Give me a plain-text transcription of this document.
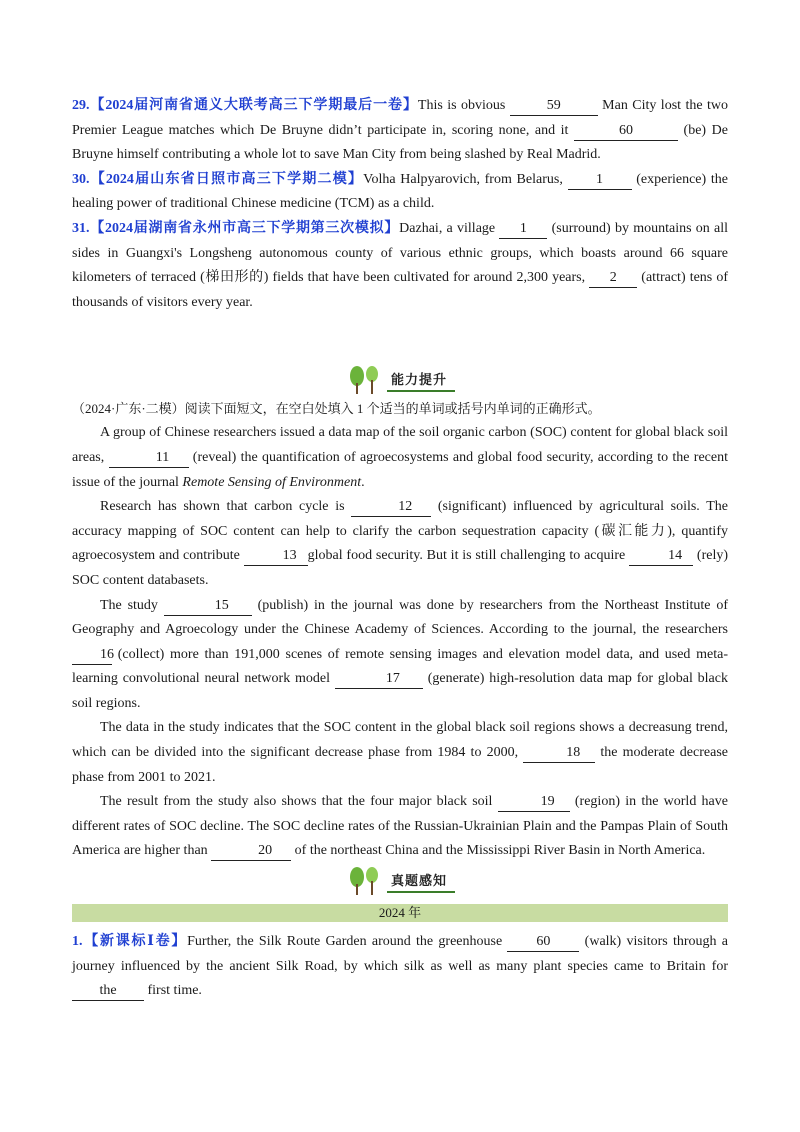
29.【2024届河南省通义大联考高三下学期最后一卷】This is obvious	59	Man City lost the two Premier League matches which De Bruyne didn’t participate in, scoring none, and it	60	(be) De Bruyne himself contributing a whole lot to save Man City from being slashed by Real Madrid.

30.【2024届山东省日照市高三下学期二模】Volha Halpyarovich, from Belarus, 1 (experience) the healing power of traditional Chinese medicine (TCM) as a child.

31.【2024届湖南省永州市高三下学期第三次模拟】Dazhai, a village 1 (surround) by mountains on all sides in Guangxi's Longsheng autonomous county of various ethnic groups, which boasts around 66 square kilometers of terraced (梯田形的) fields that have been cultivated for around 2,300 years, 2 (attract) tens of thousands of visitors every year.

能力提升

（2024·广东·二模）阅读下面短文，在空白处填入 1 个适当的单词或括号内单词的正确形式。

A group of Chinese researchers issued a data map of the soil organic carbon (SOC) content for global black soil areas,	11 (reveal) the quantification of agroecosystems and global food security, according to the recent issue of the journal Remote Sensing of Environment.

Research has shown that carbon cycle is	12 (significant) influenced by agricultural soils. The accuracy mapping of SOC content can help to clarify the carbon sequestration capacity (碳汇能力), quantify agroecosystem and contribute	13 global food security. But it is still challenging to acquire	14 (rely) SOC content databasets.

The study	15 (publish) in the journal was done by researchers from the Northeast Institute of Geography and Agroecology under the Chinese Academy of Sciences. According to the journal, the researchers 16 (collect) more than 191,000 scenes of remote sensing images and elevation model data, and used meta-learning convolutional neural network model	17 (generate) high-resolution data map for global black soil regions.

The data in the study indicates that the SOC content in the global black soil regions shows a decreasung trend, which can be divided into the significant decrease phase from 1984 to 2000,	18 the moderate decrease phase from 2001 to 2021.

The result from the study also shows that the four major black soil	19 (region) in the world have different rates of SOC decline. The SOC decline rates of the Russian-Ukrainian Plain and the Pampas Plain of South America are higher than	20 of the northeast China and the Mississippi River Basin in North America.

真题感知
2024 年

1.【新课标Ⅰ卷】Further, the Silk Route Garden around the greenhouse 60 (walk) visitors through a journey influenced by the ancient Silk Road, by which silk as well as many plant species came to Britain for the first time.
